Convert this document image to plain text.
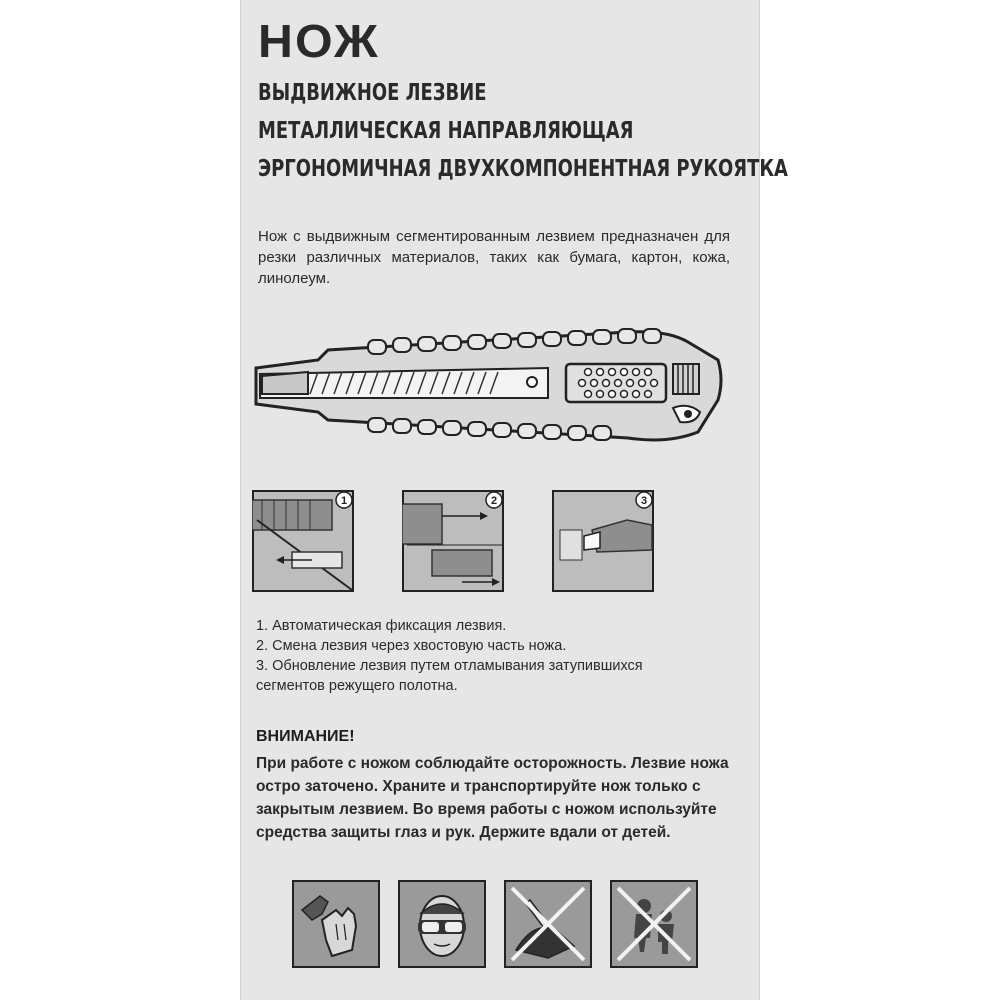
НОЖ
ВЫДВИЖНОЕ ЛЕЗВИЕ
МЕТАЛЛИЧЕСКАЯ НАПРАВЛЯЮЩАЯ
ЭРГОНОМИЧНАЯ ДВУХКОМПОНЕНТНАЯ РУКОЯТКА
Нож с выдвижным сегментированным лезвием предназначен для резки различных материалов, таких как бумага, картон, кожа, линолеум.
1	2	3
1. Автоматическая фиксация лезвия.
2. Смена лезвия через хвостовую часть ножа.
3. Обновление лезвия путем отламывания затупившихся
сегментов режущего полотна.
ВНИМАНИЕ!
При работе с ножом соблюдайте осторожность. Лезвие ножа остро заточено. Храните и транспортируйте нож только с закрытым лезвием. Во время работы с ножом используйте средства защиты глаз и рук. Держите вдали от детей.
